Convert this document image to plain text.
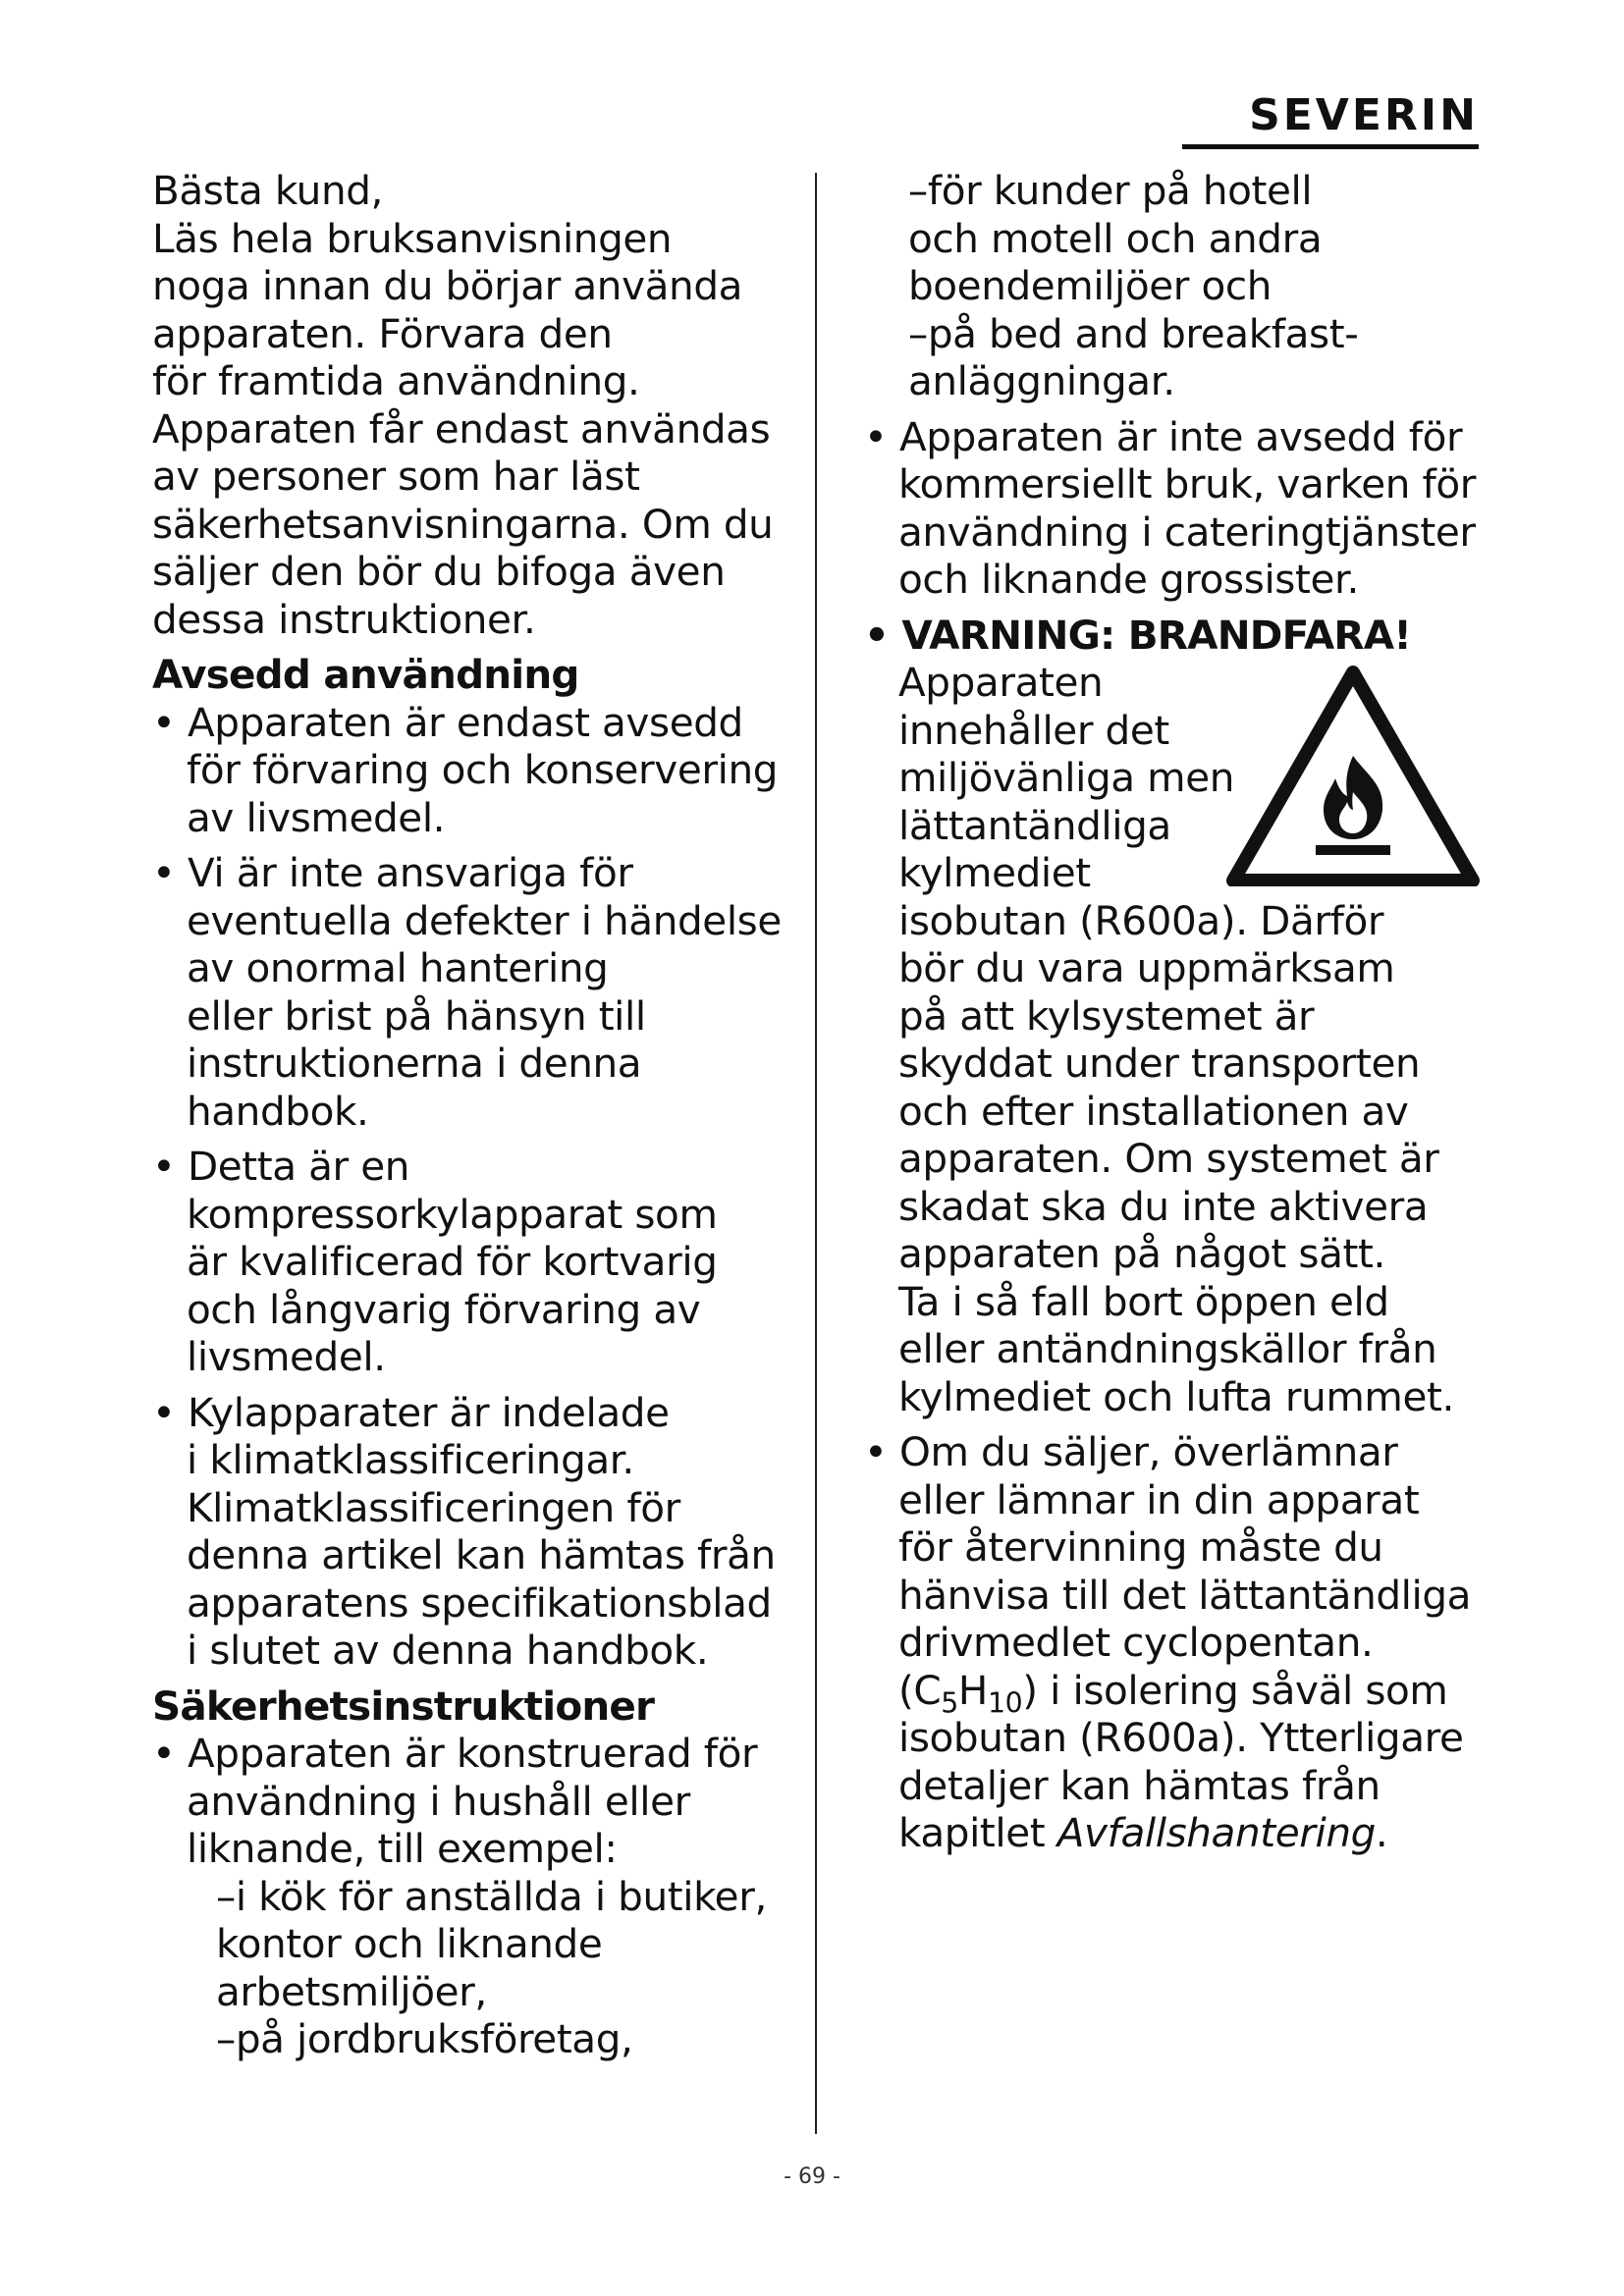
SEVERIN
Bästa kund,
Läs hela bruksanvisningen
noga innan du börjar använda
apparaten. Förvara den
för framtida användning.
Apparaten får endast användas
av personer som har läst
säkerhetsanvisningarna. Om du
säljer den bör du bifoga även
dessa instruktioner.
Avsedd användning
• Apparaten är endast avsedd
för förvaring och konservering
av livsmedel.
• Vi är inte ansvariga för
eventuella defekter i händelse
av onormal hantering
eller brist på hänsyn till
instruktionerna i denna
handbok.
• Detta är en
kompressorkylapparat som
är kvalificerad för kortvarig
och långvarig förvaring av
livsmedel.
• Kylapparater är indelade
i klimatklassificeringar.
Klimatklassificeringen för
denna artikel kan hämtas från
apparatens specifikationsblad
i slutet av denna handbok.
Säkerhetsinstruktioner
• Apparaten är konstruerad för
användning i hushåll eller
liknande, till exempel:
–i kök för anställda i butiker,
kontor och liknande
arbetsmiljöer,
–på jordbruksföretag,
–för kunder på hotell
och motell och andra
boendemiljöer och
–på bed and breakfast-
anläggningar.
• Apparaten är inte avsedd för
kommersiellt bruk, varken för
användning i cateringtjänster
och liknande grossister.
• VARNING: BRANDFARA!
Apparaten
innehåller det
miljövänliga men
lättantändliga
kylmediet
isobutan (R600a). Därför
bör du vara uppmärksam
på att kylsystemet är
skyddat under transporten
och efter installationen av
apparaten. Om systemet är
skadat ska du inte aktivera
apparaten på något sätt.
Ta i så fall bort öppen eld
eller antändningskällor från
kylmediet och lufta rummet.
• Om du säljer, överlämnar
eller lämnar in din apparat
för återvinning måste du
hänvisa till det lättantändliga
drivmedlet cyclopentan.
$(C_5H_{10})$ i isolering såväl som
isobutan (R600a). Ytterligare
detaljer kan hämtas från
kapitlet Avfallshantering.
- 69 -
